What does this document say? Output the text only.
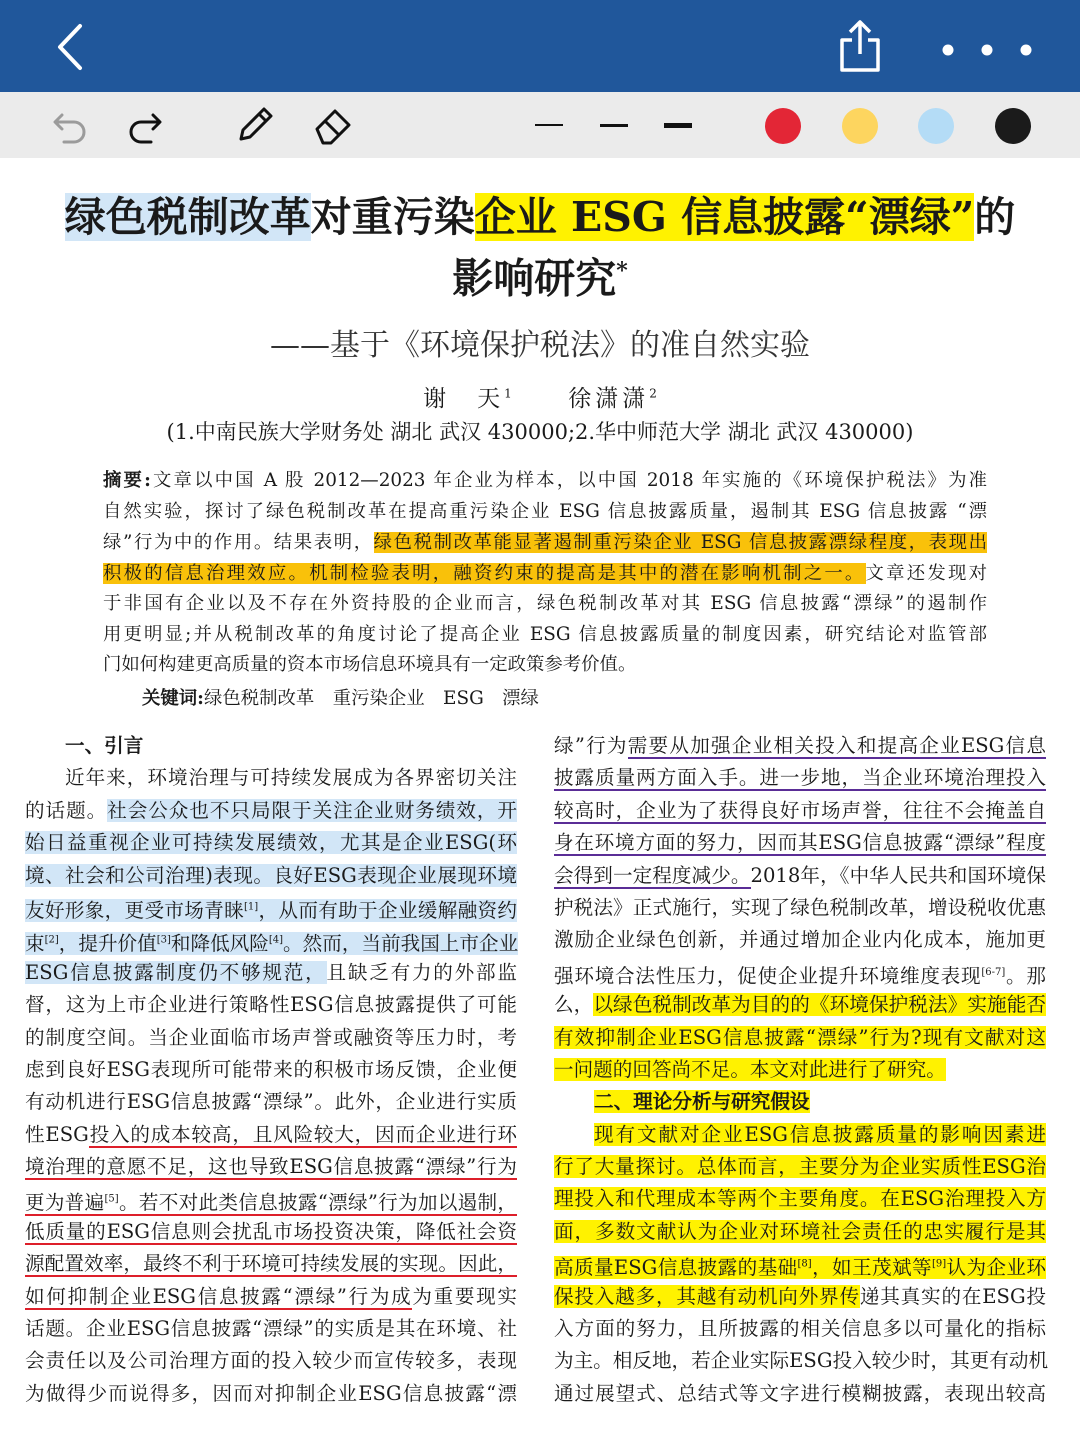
绿色税制改革对重污染企业 ESG 信息披露“漂绿”的
影响研究*
——基于《环境保护税法》的准自然实验
谢　天$^1$ 徐潇潇$^2$
(1.中南民族大学财务处 湖北 武汉 430000;2.华中师范大学 湖北 武汉 430000)
摘要:文章以中国 A 股 2012—2023 年企业为样本，以中国 2018 年实施的《环境保护税法》为准
自然实验，探讨了绿色税制改革在提高重污染企业 ESG 信息披露质量，遏制其 ESG 信息披露 “漂
绿”行为中的作用。结果表明，绿色税制改革能显著遏制重污染企业 ESG 信息披露漂绿程度，表现出
积极的信息治理效应。机制检验表明，融资约束的提高是其中的潜在影响机制之一。文章还发现对
于非国有企业以及不存在外资持股的企业而言，绿色税制改革对其 ESG 信息披露“漂绿”的遏制作
用更明显;并从税制改革的角度讨论了提高企业 ESG 信息披露质量的制度因素，研究结论对监管部
门如何构建更高质量的资本市场信息环境具有一定政策参考价值。
关键词:绿色税制改革　重污染企业　ESG　漂绿
一、引言
近年来，环境治理与可持续发展成为各界密切关注
的话题。社会公众也不只局限于关注企业财务绩效，开
始日益重视企业可持续发展绩效，尤其是企业ESG(环
境、社会和公司治理)表现。良好ESG表现企业展现环境
友好形象，更受市场青睐[1]，从而有助于企业缓解融资约
束[2]，提升价值[3]和降低风险[4]。然而，当前我国上市企业
ESG信息披露制度仍不够规范，且缺乏有力的外部监
督，这为上市企业进行策略性ESG信息披露提供了可能
的制度空间。当企业面临市场声誉或融资等压力时，考
虑到良好ESG表现所可能带来的积极市场反馈，企业便
有动机进行ESG信息披露“漂绿”。此外，企业进行实质
性ESG投入的成本较高，且风险较大，因而企业进行环
境治理的意愿不足，这也导致ESG信息披露“漂绿”行为
更为普遍[5]。若不对此类信息披露“漂绿”行为加以遏制，
低质量的ESG信息则会扰乱市场投资决策，降低社会资
源配置效率，最终不利于环境可持续发展的实现。因此，
如何抑制企业ESG信息披露“漂绿”行为成为重要现实
话题。企业ESG信息披露“漂绿”的实质是其在环境、社
会责任以及公司治理方面的投入较少而宣传较多，表现
为做得少而说得多，因而对抑制企业ESG信息披露“漂
绿”行为需要从加强企业相关投入和提高企业ESG信息
披露质量两方面入手。进一步地，当企业环境治理投入
较高时，企业为了获得良好市场声誉，往往不会掩盖自
身在环境方面的努力，因而其ESG信息披露“漂绿”程度
会得到一定程度减少。2018年，《中华人民共和国环境保
护税法》正式施行，实现了绿色税制改革，增设税收优惠
激励企业绿色创新，并通过增加企业内化成本，施加更
强环境合法性压力，促使企业提升环境维度表现[6-7]。那
么，以绿色税制改革为目的的《环境保护税法》实施能否
有效抑制企业ESG信息披露“漂绿”行为?现有文献对这
一问题的回答尚不足。本文对此进行了研究。
二、理论分析与研究假设
现有文献对企业ESG信息披露质量的影响因素进
行了大量探讨。总体而言，主要分为企业实质性ESG治
理投入和代理成本等两个主要角度。在ESG治理投入方
面，多数文献认为企业对环境社会责任的忠实履行是其
高质量ESG信息披露的基础[8]，如王茂斌等[9]认为企业环
保投入越多，其越有动机向外界传递其真实的在ESG投
入方面的努力，且所披露的相关信息多以可量化的指标
为主。相反地，若企业实际ESG投入较少时，其更有动机
通过展望式、总结式等文字进行模糊披露，表现出较高
